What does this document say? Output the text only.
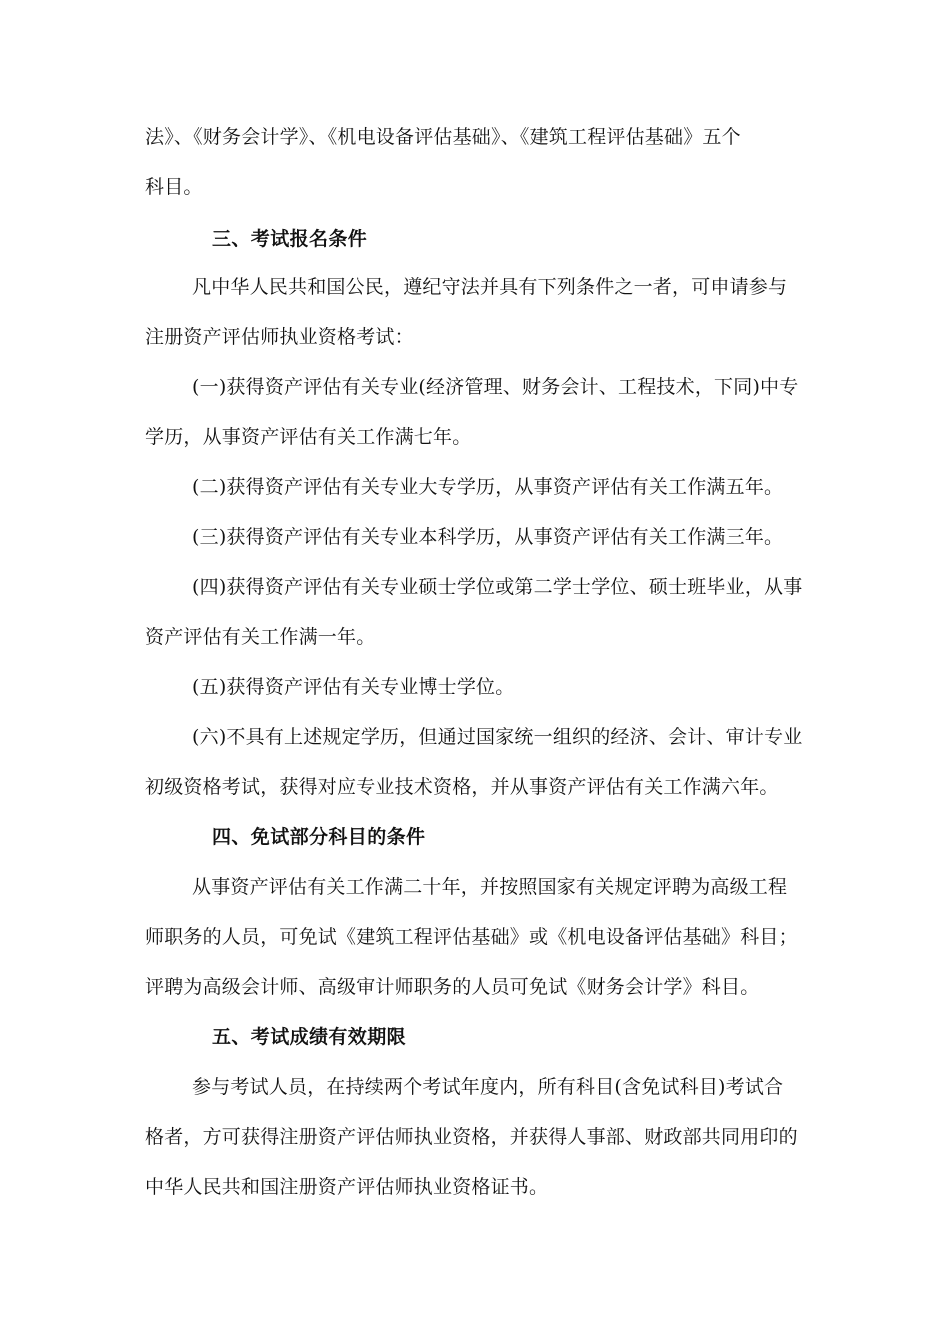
法》、《财务会计学》、《机电设备评估基础》、《建筑工程评估基础》五个
科目。
三、考试报名条件
凡中华人民共和国公民，遵纪守法并具有下列条件之一者，可申请参与
注册资产评估师执业资格考试：
(一)获得资产评估有关专业(经济管理、财务会计、工程技术，下同)中专
学历，从事资产评估有关工作满七年。
(二)获得资产评估有关专业大专学历，从事资产评估有关工作满五年。
(三)获得资产评估有关专业本科学历，从事资产评估有关工作满三年。
(四)获得资产评估有关专业硕士学位或第二学士学位、硕士班毕业，从事
资产评估有关工作满一年。
(五)获得资产评估有关专业博士学位。
(六)不具有上述规定学历，但通过国家统一组织的经济、会计、审计专业
初级资格考试，获得对应专业技术资格，并从事资产评估有关工作满六年。
四、免试部分科目的条件
从事资产评估有关工作满二十年，并按照国家有关规定评聘为高级工程
师职务的人员，可免试《建筑工程评估基础》或《机电设备评估基础》科目；
评聘为高级会计师、高级审计师职务的人员可免试《财务会计学》科目。
五、考试成绩有效期限
参与考试人员，在持续两个考试年度内，所有科目(含免试科目)考试合
格者，方可获得注册资产评估师执业资格，并获得人事部、财政部共同用印的
中华人民共和国注册资产评估师执业资格证书。
